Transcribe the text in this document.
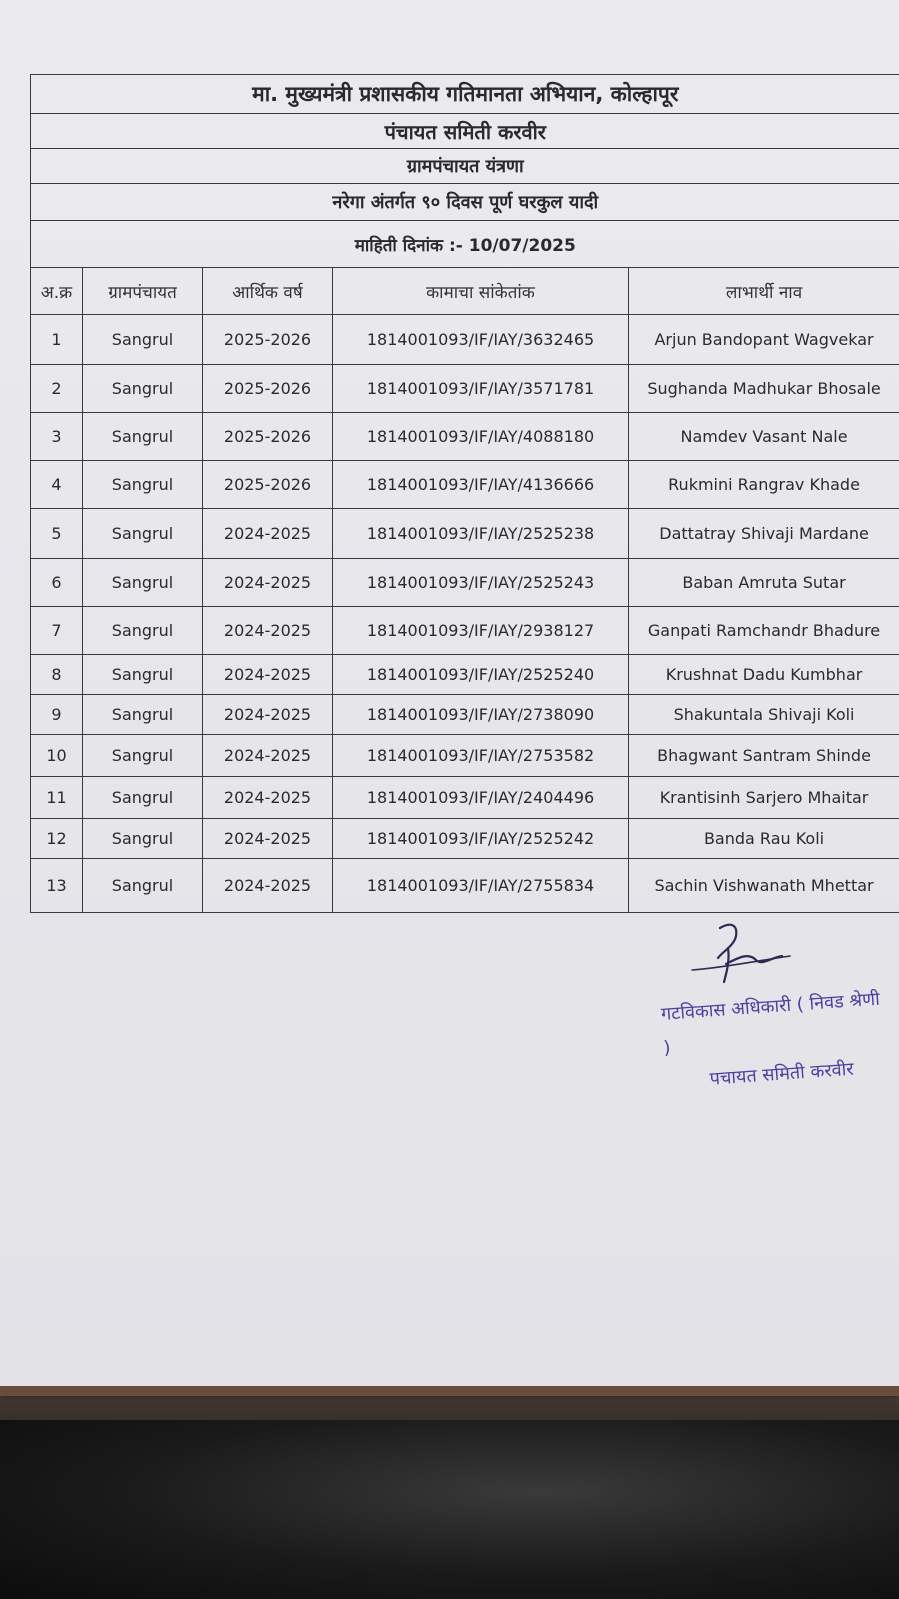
मा. मुख्यमंत्री प्रशासकीय गतिमानता अभियान, कोल्हापूर				
पंचायत समिती करवीर				
ग्रामपंचायत यंत्रणा				
नरेगा अंतर्गत ९० दिवस पूर्ण घरकुल यादी				
माहिती दिनांक :- 10/07/2025				
अ.क्र	ग्रामपंचायत	आर्थिक वर्ष	कामाचा सांकेतांक	लाभार्थी नाव
1	Sangrul	2025-2026	1814001093/IF/IAY/3632465	Arjun Bandopant Wagvekar
2	Sangrul	2025-2026	1814001093/IF/IAY/3571781	Sughanda Madhukar Bhosale
3	Sangrul	2025-2026	1814001093/IF/IAY/4088180	Namdev Vasant Nale
4	Sangrul	2025-2026	1814001093/IF/IAY/4136666	Rukmini Rangrav Khade
5	Sangrul	2024-2025	1814001093/IF/IAY/2525238	Dattatray Shivaji Mardane
6	Sangrul	2024-2025	1814001093/IF/IAY/2525243	Baban Amruta Sutar
7	Sangrul	2024-2025	1814001093/IF/IAY/2938127	Ganpati Ramchandr Bhadure
8	Sangrul	2024-2025	1814001093/IF/IAY/2525240	Krushnat Dadu Kumbhar
9	Sangrul	2024-2025	1814001093/IF/IAY/2738090	Shakuntala Shivaji Koli
10	Sangrul	2024-2025	1814001093/IF/IAY/2753582	Bhagwant Santram Shinde
11	Sangrul	2024-2025	1814001093/IF/IAY/2404496	Krantisinh Sarjero Mhaitar
12	Sangrul	2024-2025	1814001093/IF/IAY/2525242	Banda Rau Koli
13	Sangrul	2024-2025	1814001093/IF/IAY/2755834	Sachin Vishwanath Mhettar
गटविकास अधिकारी ( निवड श्रेणी )
पचायत समिती करवीर
